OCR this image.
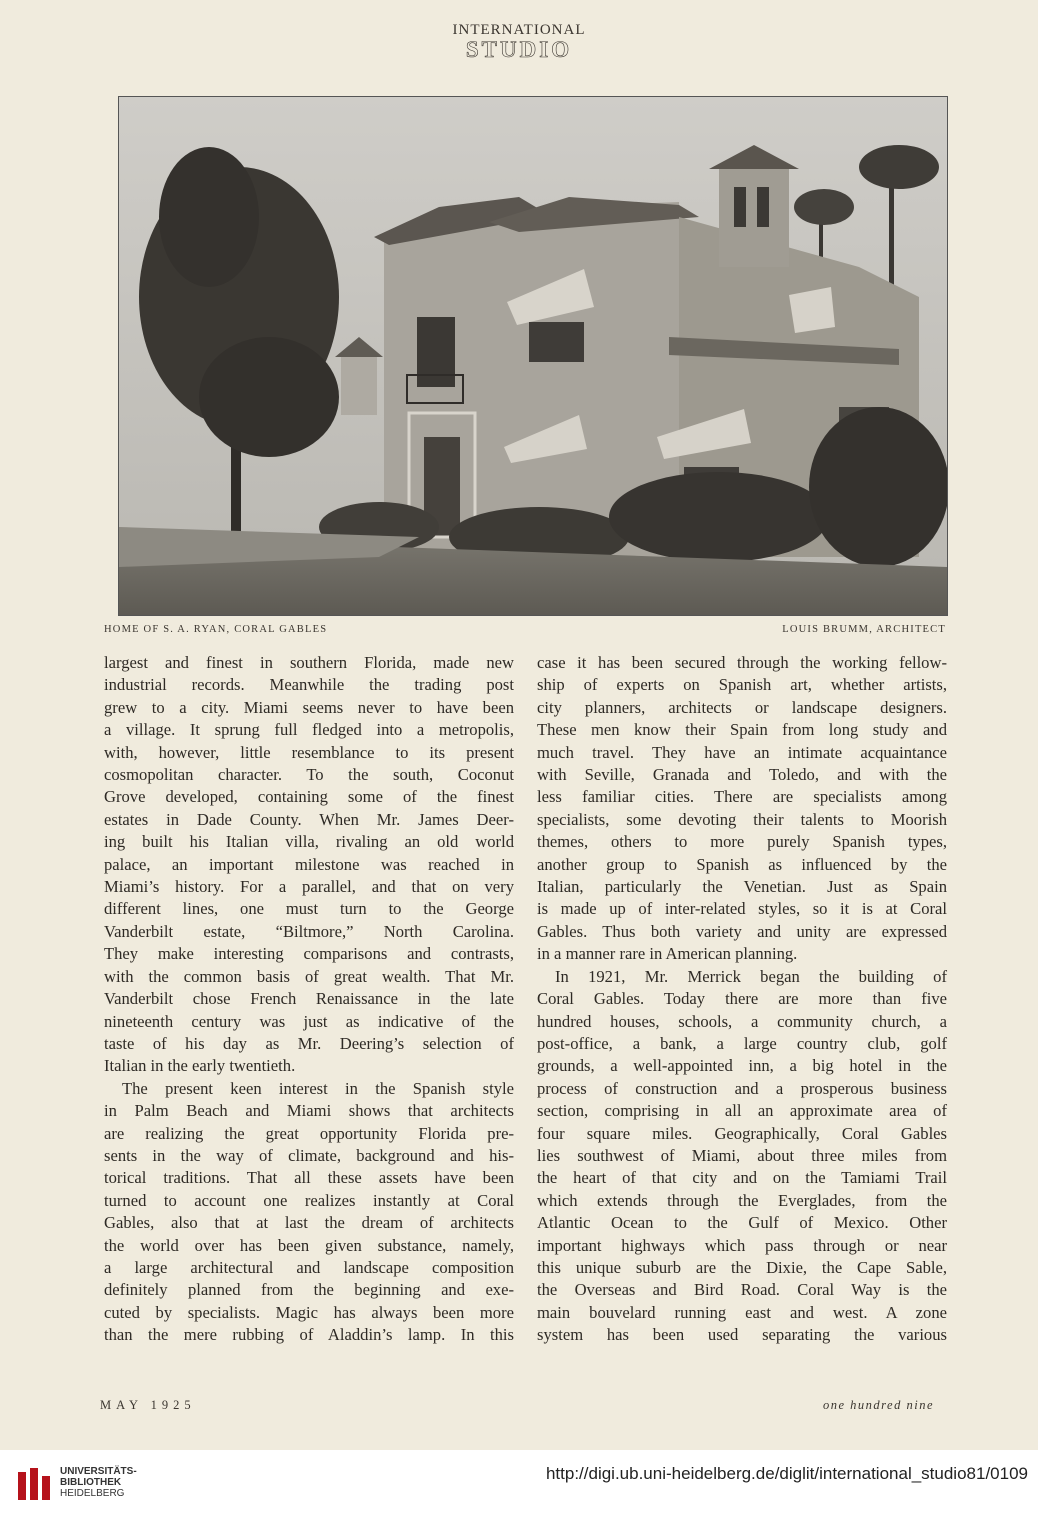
INTERNATIONAL
STUDIO
HOME OF S. A. RYAN, CORAL GABLES	LOUIS BRUMM, ARCHITECT
largest and finest in southern Florida, made new
industrial records. Meanwhile the trading post
grew to a city. Miami seems never to have been
a village. It sprung full fledged into a metropolis,
with, however, little resemblance to its present
cosmopolitan character. To the south, Coconut
Grove developed, containing some of the finest
estates in Dade County. When Mr. James Deer-
ing built his Italian villa, rivaling an old world
palace, an important milestone was reached in
Miami’s history. For a parallel, and that on very
different lines, one must turn to the George
Vanderbilt estate, “Biltmore,” North Carolina.
They make interesting comparisons and contrasts,
with the common basis of great wealth. That Mr.
Vanderbilt chose French Renaissance in the late
nineteenth century was just as indicative of the
taste of his day as Mr. Deering’s selection of
Italian in the early twentieth.
The present keen interest in the Spanish style
in Palm Beach and Miami shows that architects
are realizing the great opportunity Florida pre-
sents in the way of climate, background and his-
torical traditions. That all these assets have been
turned to account one realizes instantly at Coral
Gables, also that at last the dream of architects
the world over has been given substance, namely,
a large architectural and landscape composition
definitely planned from the beginning and exe-
cuted by specialists. Magic has always been more
than the mere rubbing of Aladdin’s lamp. In this
case it has been secured through the working fellow-
ship of experts on Spanish art, whether artists,
city planners, architects or landscape designers.
These men know their Spain from long study and
much travel. They have an intimate acquaintance
with Seville, Granada and Toledo, and with the
less familiar cities. There are specialists among
specialists, some devoting their talents to Moorish
themes, others to more purely Spanish types,
another group to Spanish as influenced by the
Italian, particularly the Venetian. Just as Spain
is made up of inter-related styles, so it is at Coral
Gables. Thus both variety and unity are expressed
in a manner rare in American planning.
In 1921, Mr. Merrick began the building of
Coral Gables. Today there are more than five
hundred houses, schools, a community church, a
post-office, a bank, a large country club, golf
grounds, a well-appointed inn, a big hotel in the
process of construction and a prosperous business
section, comprising in all an approximate area of
four square miles. Geographically, Coral Gables
lies southwest of Miami, about three miles from
the heart of that city and on the Tamiami Trail
which extends through the Everglades, from the
Atlantic Ocean to the Gulf of Mexico. Other
important highways which pass through or near
this unique suburb are the Dixie, the Cape Sable,
the Overseas and Bird Road. Coral Way is the
main bouvelard running east and west. A zone
system has been used separating the various
MAY 1925	one hundred nine
UNIVERSITÄTS-
BIBLIOTHEK
HEIDELBERG
http://digi.ub.uni-heidelberg.de/diglit/international_studio81/0109
